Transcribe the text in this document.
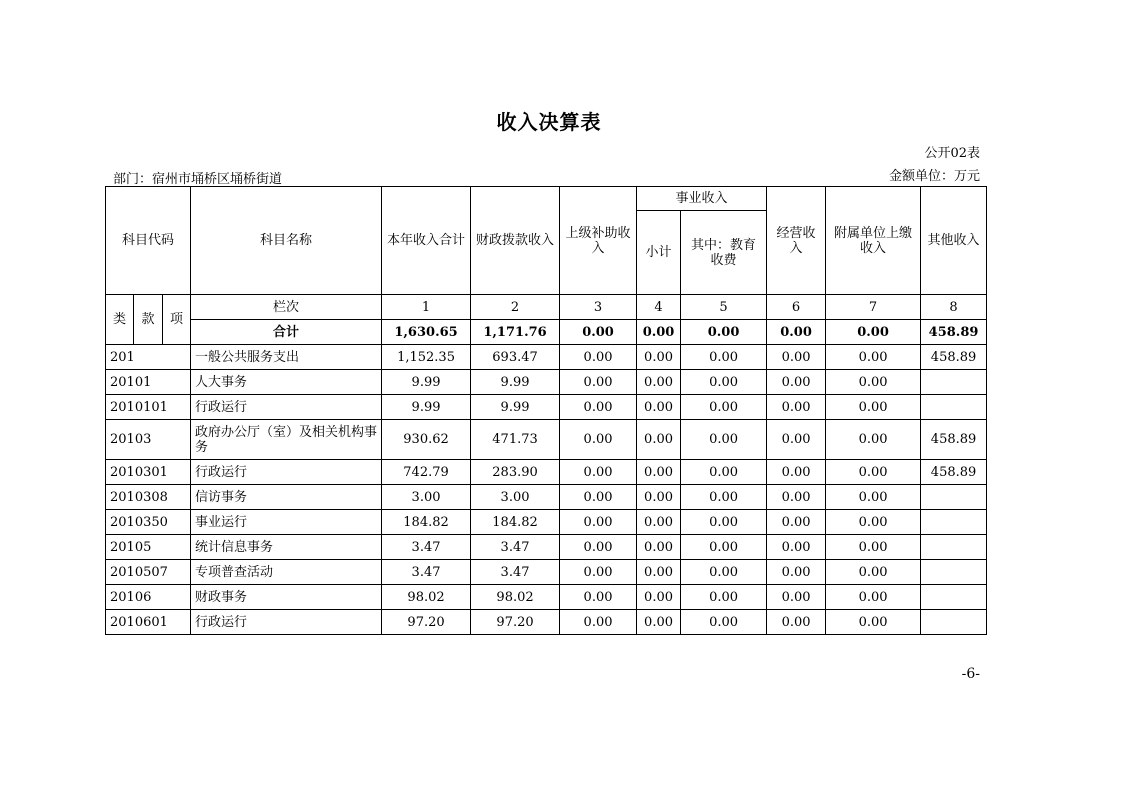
收入决算表
公开02表
部门：宿州市埇桥区埇桥街道	金额单位：万元
科目代码			科目名称	本年收入合计	财政拨款收入	上级补助收入	事业收入		经营收入	附属单位上缴收入	其他收入
							小计	其中：教育收费			
类	款	项	栏次	1	2	3	4	5	6	7	8
			合计	1,630.65	1,171.76	0.00	0.00	0.00	0.00	0.00	458.89
201			一般公共服务支出	1,152.35	693.47	0.00	0.00	0.00	0.00	0.00	458.89
20101			人大事务	9.99	9.99	0.00	0.00	0.00	0.00	0.00	
2010101			行政运行	9.99	9.99	0.00	0.00	0.00	0.00	0.00	
20103			政府办公厅（室）及相关机构事务	930.62	471.73	0.00	0.00	0.00	0.00	0.00	458.89
2010301			行政运行	742.79	283.90	0.00	0.00	0.00	0.00	0.00	458.89
2010308			信访事务	3.00	3.00	0.00	0.00	0.00	0.00	0.00	
2010350			事业运行	184.82	184.82	0.00	0.00	0.00	0.00	0.00	
20105			统计信息事务	3.47	3.47	0.00	0.00	0.00	0.00	0.00	
2010507			专项普查活动	3.47	3.47	0.00	0.00	0.00	0.00	0.00	
20106			财政事务	98.02	98.02	0.00	0.00	0.00	0.00	0.00	
2010601			行政运行	97.20	97.20	0.00	0.00	0.00	0.00	0.00	
-6-
